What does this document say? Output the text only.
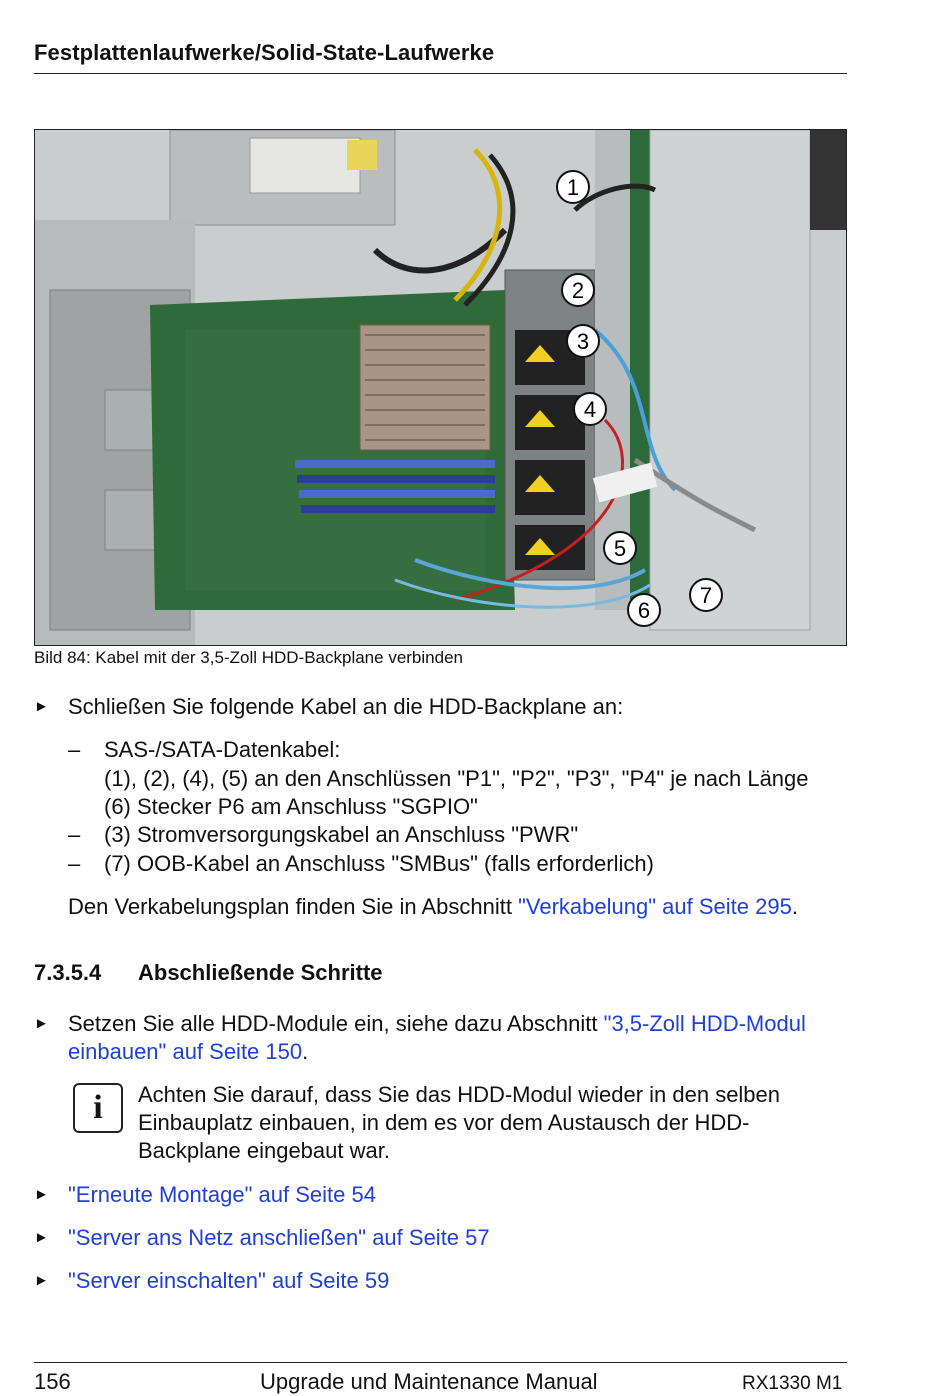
Festplattenlaufwerke/Solid-State-Laufwerke
1
2
3
4
5
6
7
Bild 84: Kabel mit der 3,5-Zoll HDD-Backplane verbinden
► Schließen Sie folgende Kabel an die HDD-Backplane an:
– SAS-/SATA-Datenkabel:
(1), (2), (4), (5) an den Anschlüssen "P1", "P2", "P3", "P4" je nach Länge
(6) Stecker P6 am Anschluss "SGPIO"
– (3) Stromversorgungskabel an Anschluss "PWR"
– (7) OOB-Kabel an Anschluss "SMBus" (falls erforderlich)
Den Verkabelungsplan finden Sie in Abschnitt "Verkabelung" auf Seite 295.
7.3.5.4 Abschließende Schritte
► Setzen Sie alle HDD-Module ein, siehe dazu Abschnitt "3,5-Zoll HDD-Modul
einbauen" auf Seite 150.
i	Achten Sie darauf, dass Sie das HDD-Modul wieder in den selben
Einbauplatz einbauen, in dem es vor dem Austausch der HDD-
Backplane eingebaut war.
► "Erneute Montage" auf Seite 54
► "Server ans Netz anschließen" auf Seite 57
► "Server einschalten" auf Seite 59
156	Upgrade und Maintenance Manual	RX1330 M1
